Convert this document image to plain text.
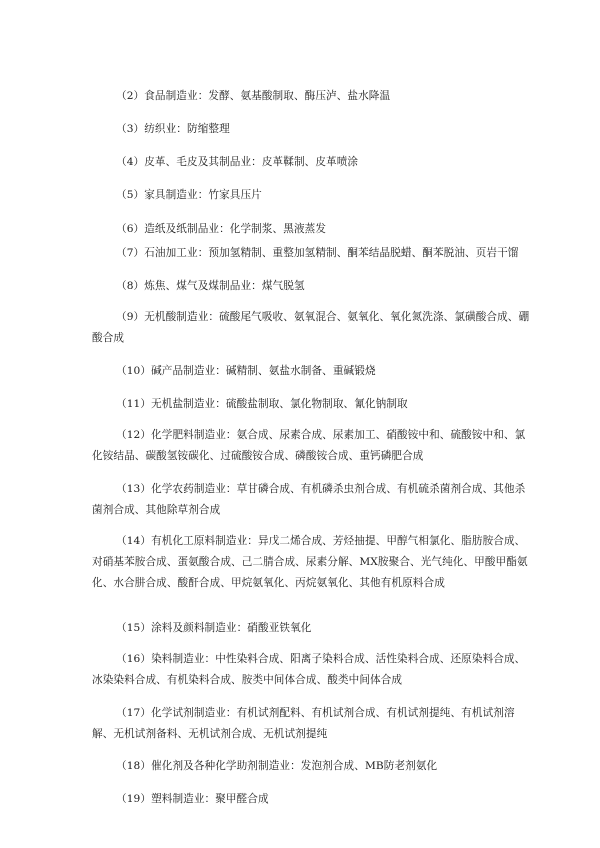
（2）食品制造业：发酵、氨基酸制取、酶压泸、盐水降温

（3）纺织业：防缩整理

（4）皮革、毛皮及其制品业：皮革鞣制、皮革喷涂

（5）家具制造业：竹家具压片

（6）造纸及纸制品业：化学制浆、黑液蒸发

（7）石油加工业：预加氢精制、重整加氢精制、酮苯结晶脱蜡、酮苯脱油、页岩干馏

（8）炼焦、煤气及煤制品业：煤气脱氢

（9）无机酸制造业：硫酸尾气吸收、氨氧混合、氨氧化、氧化氮洗涤、氯磺酸合成、硼酸合成

（10）碱产品制造业：碱精制、氨盐水制备、重碱锻烧

（11）无机盐制造业：硫酸盐制取、氯化物制取、氰化钠制取

（12）化学肥料制造业：氨合成、尿素合成、尿素加工、硝酸铵中和、硫酸铵中和、氯化铵结晶、碳酸氢铵碳化、过硫酸铵合成、磷酸铵合成、重钙磷肥合成

（13）化学农药制造业：草甘磷合成、有机磷杀虫剂合成、有机硫杀菌剂合成、其他杀菌剂合成、其他除草剂合成

（14）有机化工原料制造业：异戊二烯合成、芳烃抽提、甲醇气相氯化、脂肪胺合成、对硝基苯胺合成、蛋氨酸合成、己二腈合成、尿素分解、MX胺聚合、光气纯化、甲酸甲酯氨化、水合肼合成、酸酐合成、甲烷氨氧化、丙烷氨氧化、其他有机原料合成

（15）涂料及颜料制造业：硝酸亚铁氧化

（16）染料制造业：中性染料合成、阳离子染料合成、活性染料合成、还原染料合成、冰染染料合成、有机染料合成、胺类中间体合成、酸类中间体合成

（17）化学试剂制造业：有机试剂配料、有机试剂合成、有机试剂提纯、有机试剂溶解、无机试剂备料、无机试剂合成、无机试剂提纯

（18）催化剂及各种化学助剂制造业：发泡剂合成、MB防老剂氨化

（19）塑料制造业：聚甲醛合成
